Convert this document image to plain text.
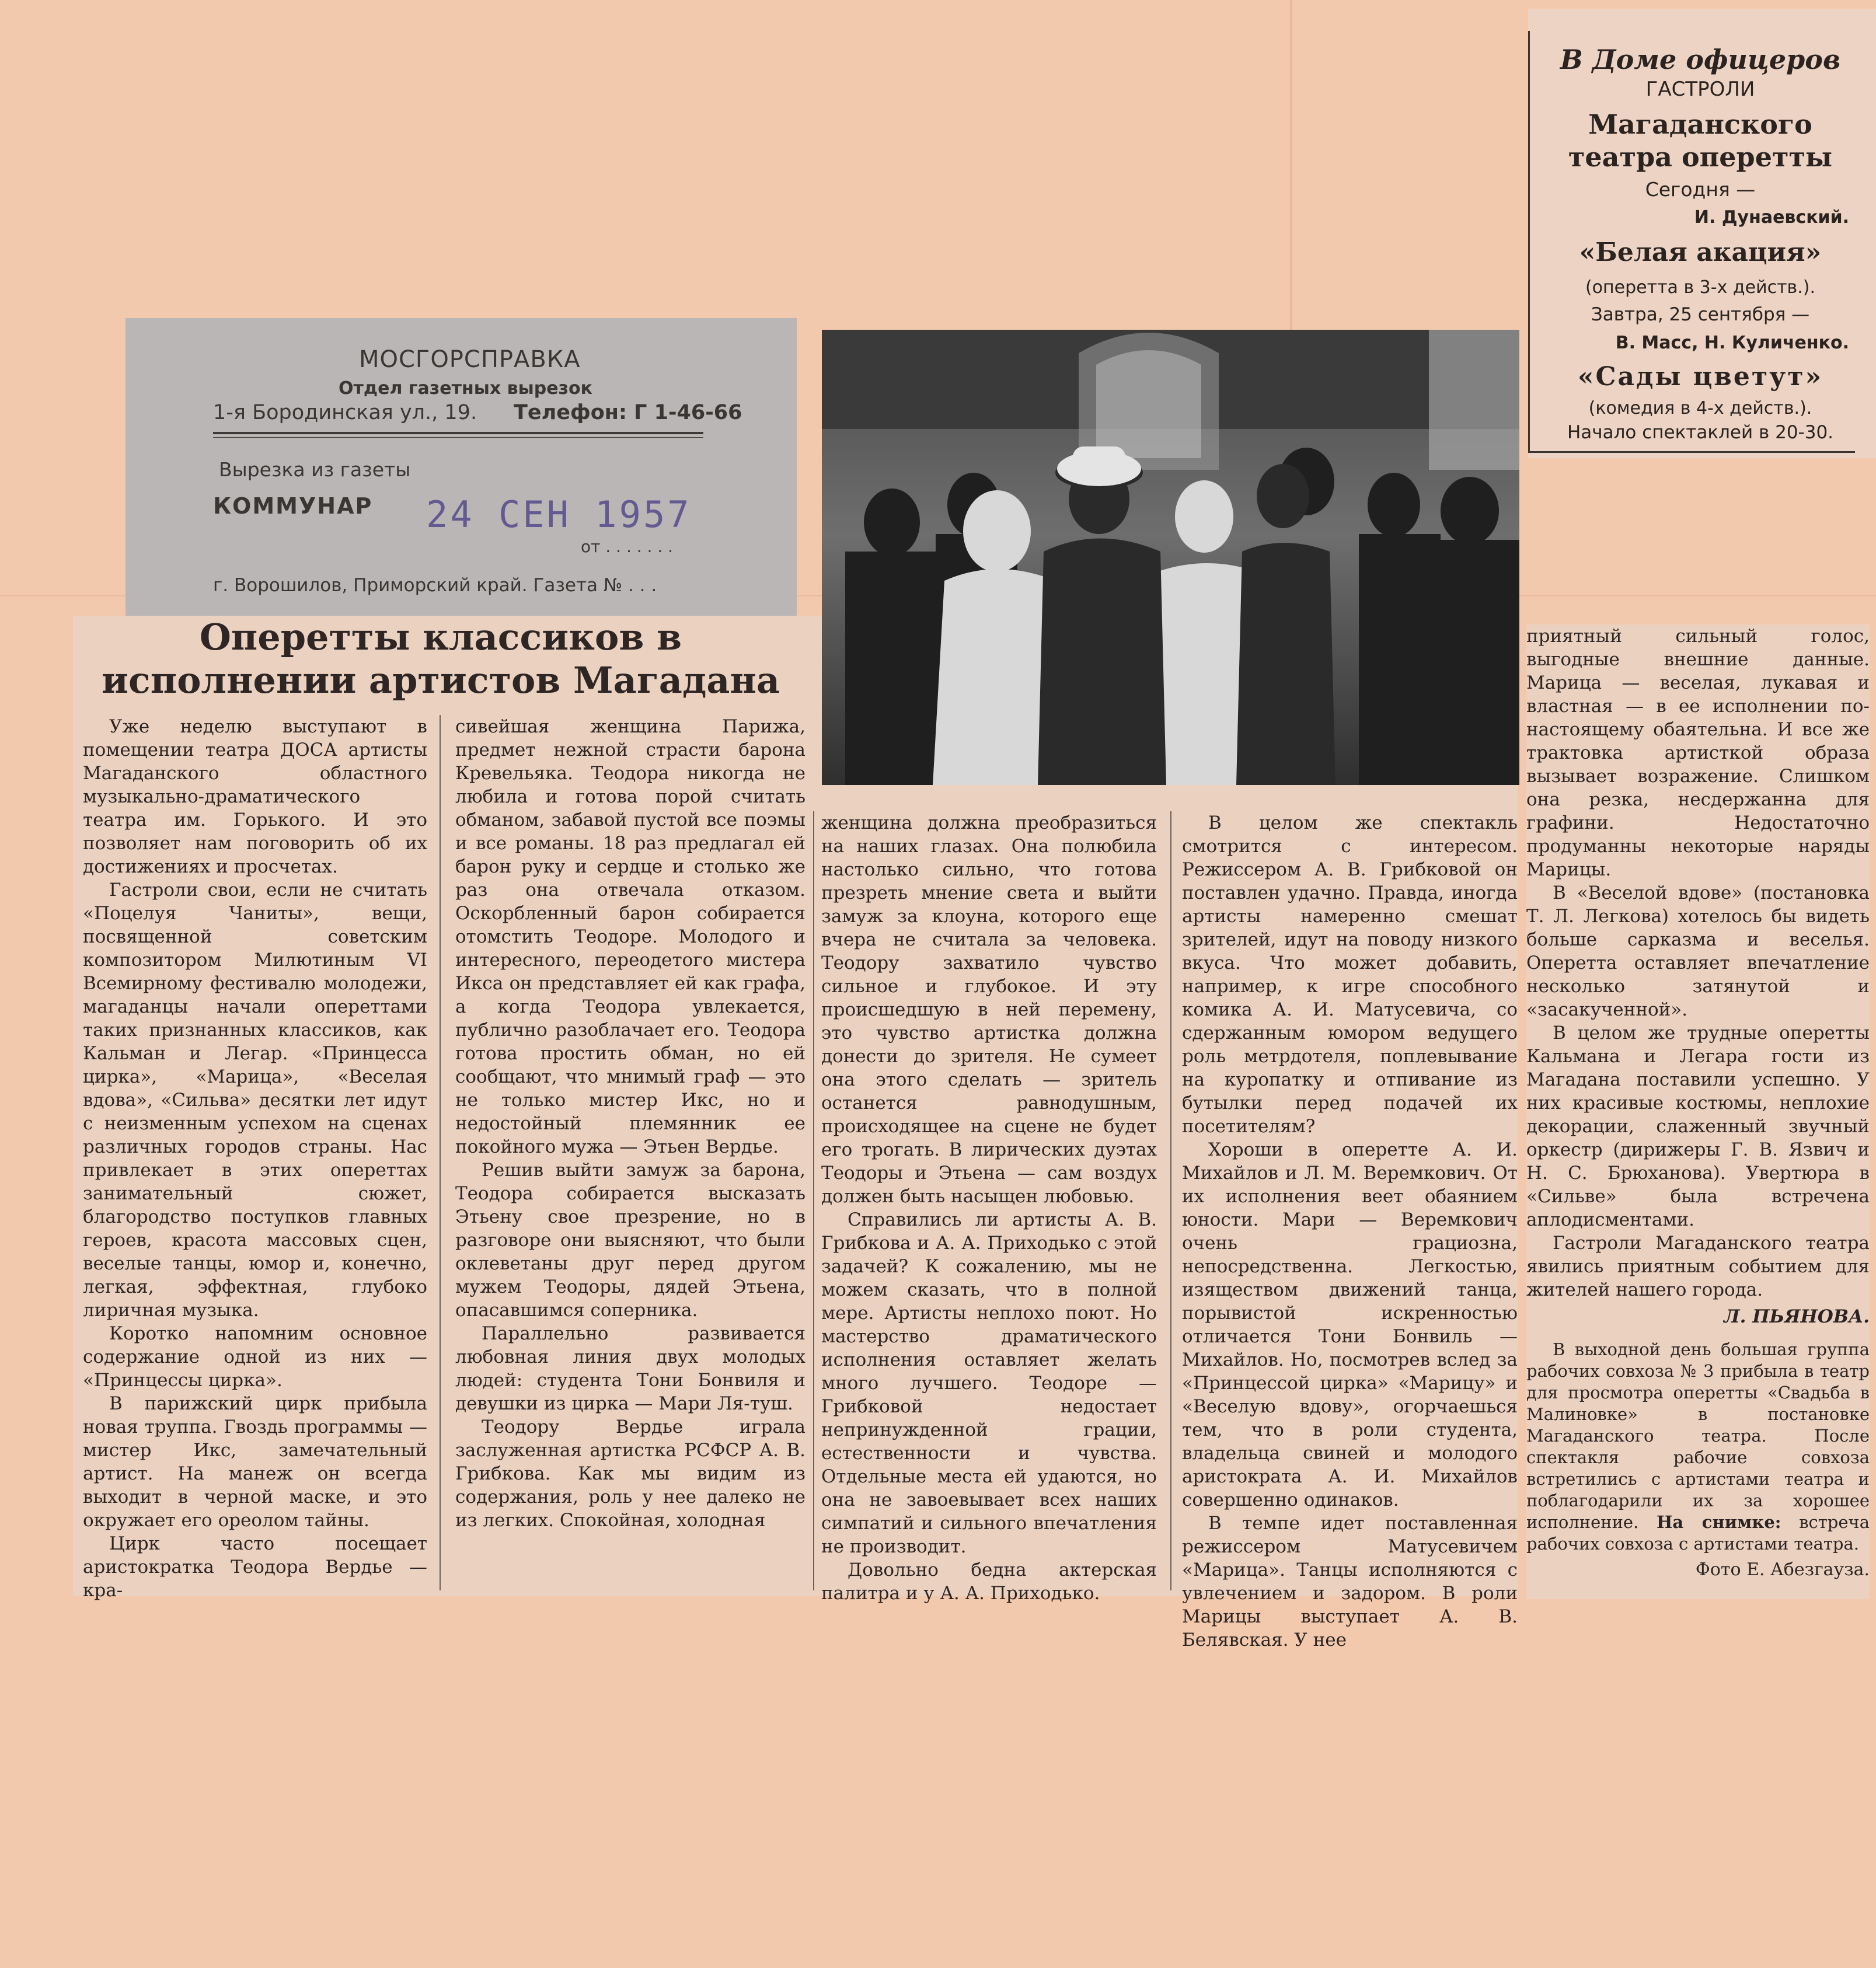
В Доме офицеров
ГАСТРОЛИ
Магаданского театра оперетты
Сегодня —
И. Дунаевский.
«Белая акация»
(оперетта в 3-х действ.).
Завтра, 25 сентября —
В. Масс, Н. Куличенко.
«Сады цветут»
(комедия в 4-х действ.).
Начало спектаклей в 20-30.
МОСГОРСПРАВКА
Отдел газетных вырезок
1-я Бородинская ул., 19. Телефон: Г 1-46-66
Вырезка из газеты
КОММУНАР 24 СЕН 1957
от . . . . . . .
г. Ворошилов, Приморский край. Газета № . . .
Оперетты классиков в исполнении артистов Магадана

Уже неделю выступают в помещении театра ДОСА артисты Магаданского областного музыкально-драматического театра им. Горького. И это позволяет нам поговорить об их достижениях и просчетах.

Гастроли свои, если не считать «Поцелуя Чаниты», вещи, посвященной советским композитором Милютиным VI Всемирному фестивалю молодежи, магаданцы начали опереттами таких признанных классиков, как Кальман и Легар. «Принцесса цирка», «Марица», «Веселая вдова», «Сильва» десятки лет идут с неизменным успехом на сценах различных городов страны. Нас привлекает в этих опереттах занимательный сюжет, благородство поступков главных героев, красота массовых сцен, веселые танцы, юмор и, конечно, легкая, эффектная, глубоко лиричная музыка.

Коротко напомним основное содержание одной из них — «Принцессы цирка».

В парижский цирк прибыла новая труппа. Гвоздь программы — мистер Икс, замечательный артист. На манеж он всегда выходит в черной маске, и это окружает его ореолом тайны.

Цирк часто посещает аристократка Теодора Вердье — кра-

сивейшая женщина Парижа, предмет нежной страсти барона Кревельяка. Теодора никогда не любила и готова порой считать обманом, забавой пустой все поэмы и все романы. 18 раз предлагал ей барон руку и сердце и столько же раз она отвечала отказом. Оскорбленный барон собирается отомстить Теодоре. Молодого и интересного, переодетого мистера Икса он представляет ей как графа, а когда Теодора увлекается, публично разоблачает его. Теодора готова простить обман, но ей сообщают, что мнимый граф — это не только мистер Икс, но и недостойный племянник ее покойного мужа — Этьен Вердье.

Решив выйти замуж за барона, Теодора собирается высказать Этьену свое презрение, но в разговоре они выясняют, что были оклеветаны друг перед другом мужем Теодоры, дядей Этьена, опасавшимся соперника.

Параллельно развивается любовная линия двух молодых людей: студента Тони Бонвиля и девушки из цирка — Мари Ля-туш.

Теодору Вердье играла заслуженная артистка РСФСР А. В. Грибкова. Как мы видим из содержания, роль у нее далеко не из легких. Спокойная, холодная

женщина должна преобразиться на наших глазах. Она полюбила настолько сильно, что готова презреть мнение света и выйти замуж за клоуна, которого еще вчера не считала за человека. Теодору захватило чувство сильное и глубокое. И эту происшедшую в ней перемену, это чувство артистка должна донести до зрителя. Не сумеет она этого сделать — зритель останется равнодушным, происходящее на сцене не будет его трогать. В лирических дуэтах Теодоры и Этьена — сам воздух должен быть насыщен любовью.

Справились ли артисты А. В. Грибкова и А. А. Приходько с этой задачей? К сожалению, мы не можем сказать, что в полной мере. Артисты неплохо поют. Но мастерство драматического исполнения оставляет желать много лучшего. Теодоре — Грибковой недостает непринужденной грации, естественности и чувства. Отдельные места ей удаются, но она не завоевывает всех наших симпатий и сильного впечатления не производит.

Довольно бедна актерская палитра и у А. А. Приходько.

В целом же спектакль смотрится с интересом. Режиссером А. В. Грибковой он поставлен удачно. Правда, иногда артисты намеренно смешат зрителей, идут на поводу низкого вкуса. Что может добавить, например, к игре способного комика А. И. Матусевича, со сдержанным юмором ведущего роль метрдотеля, поплевывание на куропатку и отпивание из бутылки перед подачей их посетителям?

Хороши в оперетте А. И. Михайлов и Л. М. Веремкович. От их исполнения веет обаянием юности. Мари — Веремкович очень грациозна, непосредственна. Легкостью, изяществом движений танца, порывистой искренностью отличается Тони Бонвиль — Михайлов. Но, посмотрев вслед за «Принцессой цирка» «Марицу» и «Веселую вдову», огорчаешься тем, что в роли студента, владельца свиней и молодого аристократа А. И. Михайлов совершенно одинаков.

В темпе идет поставленная режиссером Матусевичем «Марица». Танцы исполняются с увлечением и задором. В роли Марицы выступает А. В. Белявская. У нее

приятный сильный голос, выгодные внешние данные. Марица — веселая, лукавая и властная — в ее исполнении по-настоящему обаятельна. И все же трактовка артисткой образа вызывает возражение. Слишком она резка, несдержанна для графини. Недостаточно продуманны некоторые наряды Марицы.

В «Веселой вдове» (постановка Т. Л. Легкова) хотелось бы видеть больше сарказма и веселья. Оперетта оставляет впечатление несколько затянутой и «засакученной».

В целом же трудные оперетты Кальмана и Легара гости из Магадана поставили успешно. У них красивые костюмы, неплохие декорации, слаженный звучный оркестр (дирижеры Г. В. Язвич и Н. С. Брюханова). Увертюра в «Сильве» была встречена аплодисментами.

Гастроли Магаданского театра явились приятным событием для жителей нашего города.

Л. ПЬЯНОВА.

В выходной день большая группа рабочих совхоза № 3 прибыла в театр для просмотра оперетты «Свадьба в Малиновке» в постановке Магаданского театра. После спектакля рабочие совхоза встретились с артистами театра и поблагодарили их за хорошее исполнение. На снимке: встреча рабочих совхоза с артистами театра.

Фото Е. Абезгауза.
